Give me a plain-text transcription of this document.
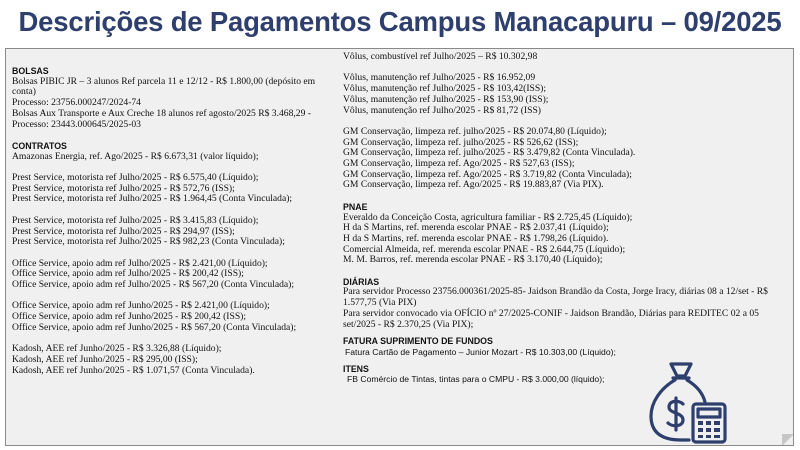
Descrições de Pagamentos Campus Manacapuru – 09/2025
BOLSAS
Bolsas PIBIC JR – 3 alunos Ref parcela 11 e 12/12 - R$ 1.800,00 (depósito em conta)
Processo: 23756.000247/2024-74
Bolsas Aux Transporte e Aux Creche 18 alunos ref agosto/2025 R$ 3.468,29 - Processo: 23443.000645/2025-03
CONTRATOS
Amazonas Energia, ref. Ago/2025 - R$ 6.673,31 (valor líquido);
Prest Service, motorista ref Julho/2025 - R$ 6.575,40 (Líquido);
Prest Service, motorista ref Julho/2025 - R$ 572,76 (ISS);
Prest Service, motorista ref Julho/2025 - R$ 1.964,45 (Conta Vinculada);
Prest Service, motorista ref Julho/2025 - R$ 3.415,83 (Líquido);
Prest Service, motorista ref Julho/2025 - R$ 294,97 (ISS);
Prest Service, motorista ref Julho/2025 - R$ 982,23 (Conta Vinculada);
Office Service, apoio adm ref Julho/2025 - R$ 2.421,00 (Líquido);
Office Service, apoio adm ref Julho/2025 - R$ 200,42 (ISS);
Office Service, apoio adm ref Julho/2025 - R$ 567,20 (Conta Vinculada);
Office Service, apoio adm ref Junho/2025 - R$ 2.421,00 (Líquido);
Office Service, apoio adm ref Junho/2025 - R$ 200,42 (ISS);
Office Service, apoio adm ref Junho/2025 - R$ 567,20 (Conta Vinculada);
Kadosh, AEE ref Junho/2025 - R$ 3.326,88 (Líquido);
Kadosh, AEE ref Junho/2025 - R$ 295,00 (ISS);
Kadosh, AEE ref Junho/2025 - R$ 1.071,57 (Conta Vinculada).
Vôlus, combustível ref Julho/2025 – R$ 10.302,98
Vôlus, manutenção ref Julho/2025 - R$ 16.952,09
Vôlus, manutenção ref Julho/2025 - R$ 103,42(ISS);
Vôlus, manutenção ref Julho/2025 - R$ 153,90 (ISS);
Vôlus, manutenção ref Julho/2025 - R$ 81,72 (ISS)
GM Conservação, limpeza ref. julho/2025 - R$ 20.074,80 (Líquido);
GM Conservação, limpeza ref. julho/2025 - R$ 526,62 (ISS);
GM Conservação, limpeza ref. julho/2025 - R$ 3.479,82 (Conta Vinculada).
GM Conservação, limpeza ref. Ago/2025 - R$ 527,63 (ISS);
GM Conservação, limpeza ref. Ago/2025 - R$ 3.719,82 (Conta Vinculada);
GM Conservação, limpeza ref. Ago/2025 - R$ 19.883,87 (Via PIX).
PNAE
Everaldo da Conceição Costa, agricultura familiar - R$ 2.725,45 (Líquido);
H da S Martins, ref. merenda escolar PNAE - R$ 2.037,41 (Líquido);
H da S Martins, ref. merenda escolar PNAE - R$ 1.798,26 (Líquido).
Comercial Almeida, ref. merenda escolar PNAE - R$ 2.644,75 (Líquido);
M. M. Barros, ref. merenda escolar PNAE - R$ 3.170,40 (Líquido);
DIÁRIAS
Para servidor Processo 23756.000361/2025-85- Jaidson Brandão da Costa, Jorge Iracy, diárias 08 a 12/set - R$ 1.577,75 (Via PIX)
Para servidor convocado via OFÍCIO nº 27/2025-CONIF - Jaidson Brandão, Diárias para REDITEC 02 a 05 set/2025 - R$ 2.370,25 (Via PIX);
FATURA SUPRIMENTO DE FUNDOS
Fatura Cartão de Pagamento – Junior Mozart - R$ 10.303,00 (Líquido);
ITENS
FB Comércio de Tintas, tintas para o CMPU - R$ 3.000,00 (líquido);
